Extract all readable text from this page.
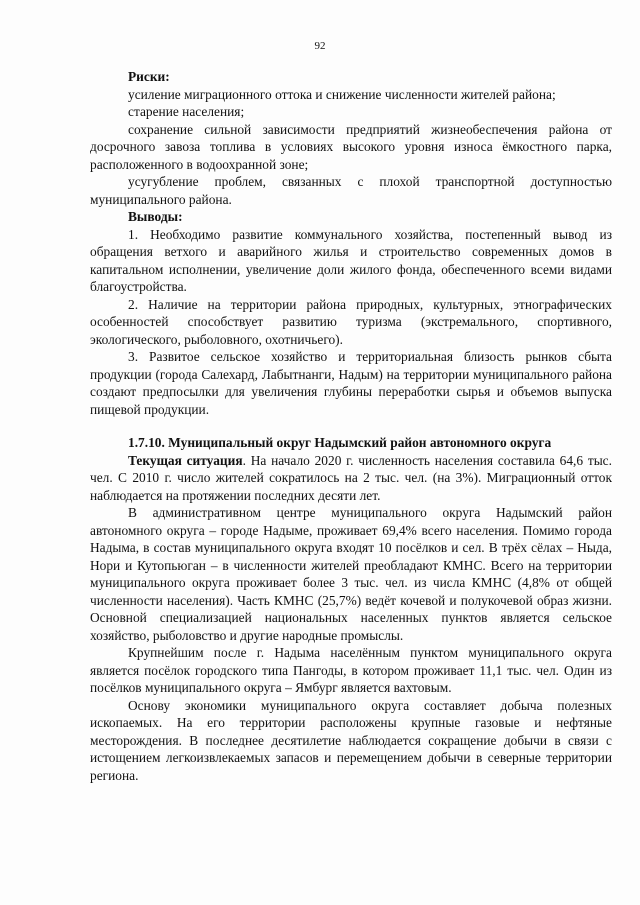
92

Риски:

усиление миграционного оттока и снижение численности жителей района;

старение населения;

сохранение сильной зависимости предприятий жизнеобеспечения района от досрочного завоза топлива в условиях высокого уровня износа ёмкостного парка, расположенного в водоохранной зоне;

усугубление проблем, связанных с плохой транспортной доступностью муниципального района.

Выводы:

1. Необходимо развитие коммунального хозяйства, постепенный вывод из обращения ветхого и аварийного жилья и строительство современных домов в капитальном исполнении, увеличение доли жилого фонда, обеспеченного всеми видами благоустройства.

2. Наличие на территории района природных, культурных, этнографических особенностей способствует развитию туризма (экстремального, спортивного, экологического, рыболовного, охотничьего).

3. Развитое сельское хозяйство и территориальная близость рынков сбыта продукции (города Салехард, Лабытнанги, Надым) на территории муниципального района создают предпосылки для увеличения глубины переработки сырья и объемов выпуска пищевой продукции.

1.7.10. Муниципальный округ Надымский район автономного округа

Текущая ситуация. На начало 2020 г. численность населения составила 64,6 тыс. чел. С 2010 г. число жителей сократилось на 2 тыс. чел. (на 3%). Миграционный отток наблюдается на протяжении последних десяти лет.

В административном центре муниципального округа Надымский район автономного округа – городе Надыме, проживает 69,4% всего населения. Помимо города Надыма, в состав муниципального округа входят 10 посёлков и сел. В трёх сёлах – Ныда, Нори и Кутопьюган – в численности жителей преобладают КМНС. Всего на территории муниципального округа проживает более 3 тыс. чел. из числа КМНС (4,8% от общей численности населения). Часть КМНС (25,7%) ведёт кочевой и полукочевой образ жизни. Основной специализацией национальных населенных пунктов является сельское хозяйство, рыболовство и другие народные промыслы.

Крупнейшим после г. Надыма населённым пунктом муниципального округа является посёлок городского типа Пангоды, в котором проживает 11,1 тыс. чел. Один из посёлков муниципального округа – Ямбург является вахтовым.

Основу экономики муниципального округа составляет добыча полезных ископаемых. На его территории расположены крупные газовые и нефтяные месторождения. В последнее десятилетие наблюдается сокращение добычи в связи с истощением легкоизвлекаемых запасов и перемещением добычи в северные территории региона.
